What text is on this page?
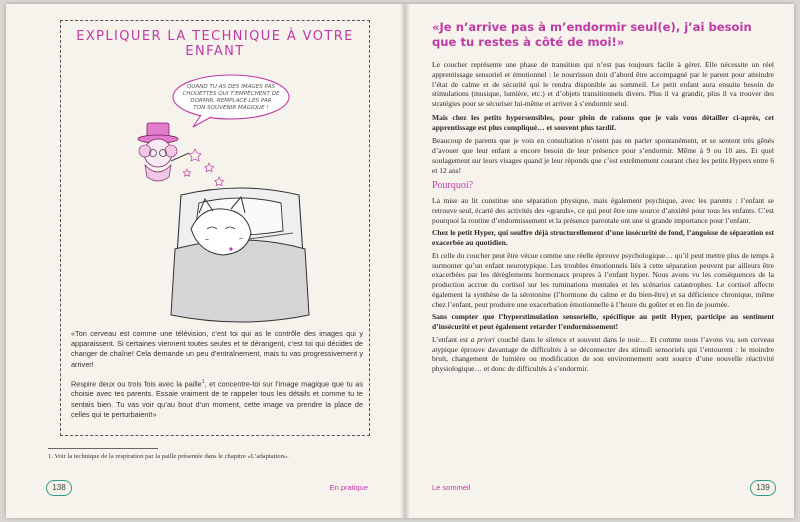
EXPLIQUER LA TECHNIQUE À VOTRE ENFANT
QUAND TU AS DES IMAGES PAS
CHOUETTES QUI T’EMPÊCHENT DE
DORMIR, REMPLACE-LES PAR
TON SOUVENIR MAGIQUE !

«Ton cerveau est comme une télévision, c’est toi qui as le contrôle des images qui y apparaissent. Si certaines viennent toutes seules et te dérangent, c’est toi qui décides de changer de chaîne! Cela demande un peu d’entraînement, mais tu vas progressivement y arriver!

Respire deux ou trois fois avec la paille$^1$, et concentre-toi sur l’image magique que tu as choisie avec tes parents. Essaie vraiment de te rappeler tous les détails et comme tu te sentais bien. Tu vas voir qu’au bout d’un moment, cette image va prendre la place de celles qui te perturbaient!»

1. Voir la technique de la respiration par la paille présentée dans le chapitre «L’adaptation».
138	En pratique
«Je n’arrive pas à m’endormir seul(e), j’ai besoin que tu restes à côté de moi!»

Le coucher représente une phase de transition qui n’est pas toujours facile à gérer. Elle nécessite un réel apprentissage sensoriel et émotionnel : le nourrisson doit d’abord être accompagné par le parent pour atteindre l’état de calme et de sécurité qui le rendra disponible au sommeil. Le petit enfant aura ensuite besoin de stimulations (musique, lumière, etc.) et d’objets transitionnels divers. Plus il va grandir, plus il va trouver des stratégies pour se sécuriser lui-même et arriver à s’endormir seul.

Mais chez les petits hypersensibles, pour plein de raisons que je vais vous détailler ci-après, cet apprentissage est plus compliqué… et souvent plus tardif.

Beaucoup de parents que je vois en consultation n’osent pas en parler spontanément, et se sentent très gênés d’avouer que leur enfant a encore besoin de leur présence pour s’endormir. Même à 9 ou 10 ans. Et quel soulagement sur leurs visages quand je leur réponds que c’est extrêmement courant chez les petits Hypers entre 6 et 12 ans!

Pourquoi?

La mise au lit constitue une séparation physique, mais également psychique, avec les parents : l’enfant se retrouve seul, écarté des activités des «grands», ce qui peut être une source d’anxiété pour tous les enfants. C’est pourquoi la routine d’endormissement et la présence parentale ont une si grande importance pour l’enfant.

Chez le petit Hyper, qui souffre déjà structurellement d’une insécurité de fond, l’angoisse de séparation est exacerbée au quotidien.

Et celle du coucher peut être vécue comme une réelle épreuve psychologique… qu’il peut mettre plus de temps à surmonter qu’un enfant neurotypique. Les troubles émotionnels liés à cette séparation peuvent par ailleurs être exacerbées par les dérèglements hormonaux propres à l’enfant hyper. Nous avons vu les conséquences de la production accrue du cortisol sur les ruminations mentales et les scénarios catastrophes. Le cortisol affecte également la synthèse de la sérotonine (l’hormone du calme et du bien-être) et sa déficience chronique, même chez l’enfant, peut produire une exacerbation émotionnelle à l’heure du goûter et en fin de journée.

Sans compter que l’hyperstimulation sensorielle, spécifique au petit Hyper, participe au sentiment d’insécurité et peut également retarder l’endormissement!

L’enfant est a priori couché dans le silence et souvent dans le noir… Et comme nous l’avons vu, son cerveau atypique éprouve davantage de difficultés à se déconnecter des stimuli sensoriels qui l’entourent : le moindre bruit, changement de lumière ou modification de son environnement sont source d’une nouvelle réactivité physiologique… et donc de difficultés à s’endormir.

Le sommeil	139
